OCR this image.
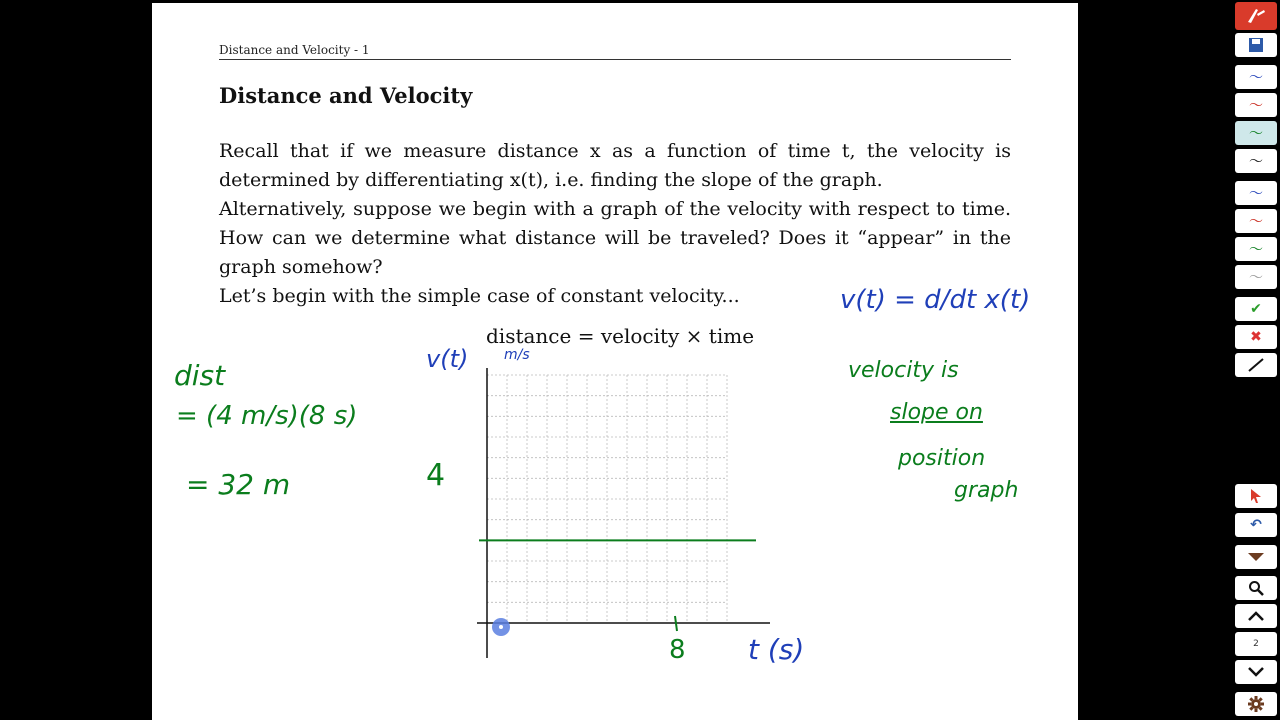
Distance and Velocity - 1
Distance and Velocity
Recall that if we measure distance x as a function of time t, the velocity is determined by differentiating x(t), i.e. finding the slope of the graph.
Alternatively, suppose we begin with a graph of the velocity with respect to time. How can we determine what distance will be traveled? Does it “appear” in the graph somehow?
Let’s begin with the simple case of constant velocity...
distance = velocity × time
dist
= (4 m/s)(8 s)
= 32 m
v(t)	m/s
4
8 t (s)
v(t) = d/dt x(t)
velocity is
slope on
position
graph
〜
〜
〜
〜
〜
〜
〜
〜
✔
✖
↶
2
